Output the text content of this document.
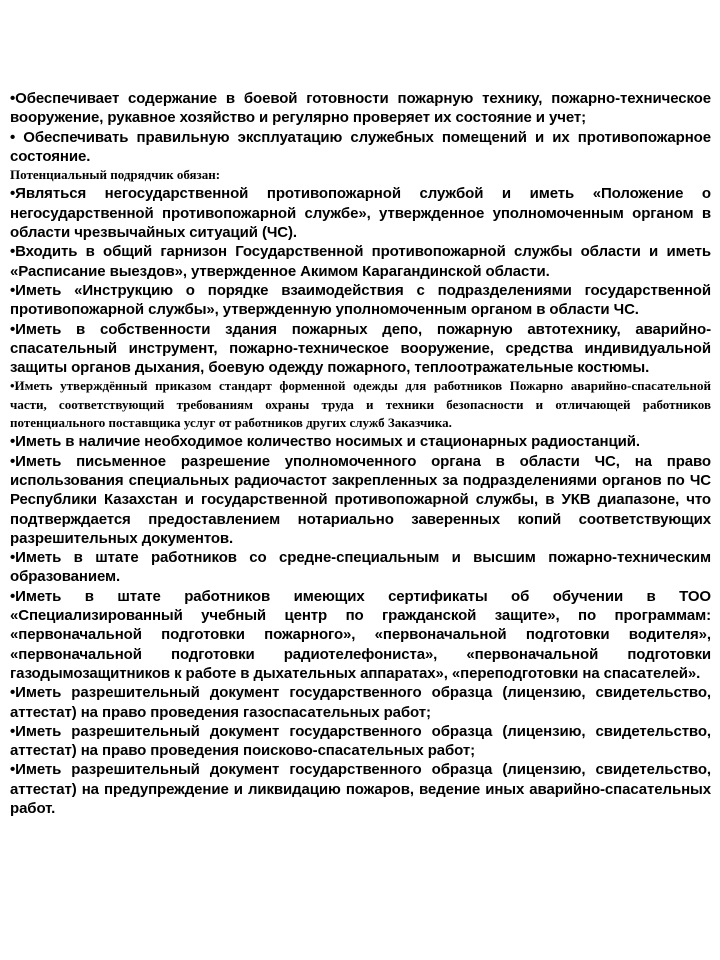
•Обеспечивает содержание в боевой готовности пожарную технику, пожарно-техническое вооружение, рукавное хозяйство и регулярно проверяет их состояние и учет;

• Обеспечивать правильную эксплуатацию служебных помещений и их противопожарное состояние.

Потенциальный подрядчик обязан:

•Являться негосударственной противопожарной службой и иметь «Положение о негосударственной противопожарной службе», утвержденное уполномоченным органом в области чрезвычайных ситуаций (ЧС).

•Входить в общий гарнизон Государственной противопожарной службы области и иметь «Расписание выездов», утвержденное Акимом Карагандинской области.

•Иметь «Инструкцию о порядке взаимодействия с подразделениями государственной противопожарной службы», утвержденную уполномоченным органом в области ЧС.

•Иметь в собственности здания пожарных депо, пожарную автотехнику, аварийно-спасательный инструмент, пожарно-техническое вооружение, средства индивидуальной защиты органов дыхания, боевую одежду пожарного, теплоотражательные костюмы.

•Иметь утверждённый приказом стандарт форменной одежды для работников Пожарно аварийно-спасательной части, соответствующий требованиям охраны труда и техники безопасности и отличающей работников потенциального поставщика услуг от работников других служб Заказчика.

•Иметь в наличие необходимое количество носимых и стационарных радиостанций.

•Иметь письменное разрешение уполномоченного органа в области ЧС, на право использования специальных радиочастот закрепленных за подразделениями органов по ЧС Республики Казахстан и государственной противопожарной службы, в УКВ диапазоне, что подтверждается предоставлением нотариально заверенных копий соответствующих разрешительных документов.

•Иметь в штате работников со средне-специальным и высшим пожарно-техническим образованием.

•Иметь в штате работников имеющих сертификаты об обучении в ТОО «Специализированный учебный центр по гражданской защите», по программам: «первоначальной подготовки пожарного», «первоначальной подготовки водителя», «первоначальной подготовки радиотелефониста», «первоначальной подготовки газодымозащитников к работе в дыхательных аппаратах», «переподготовки на спасателей».

•Иметь разрешительный документ государственного образца (лицензию, свидетельство, аттестат) на право проведения газоспасательных работ;

•Иметь разрешительный документ государственного образца (лицензию, свидетельство, аттестат) на право проведения поисково-спасательных работ;

•Иметь разрешительный документ государственного образца (лицензию, свидетельство, аттестат) на предупреждение и ликвидацию пожаров, ведение иных аварийно-спасательных работ.
